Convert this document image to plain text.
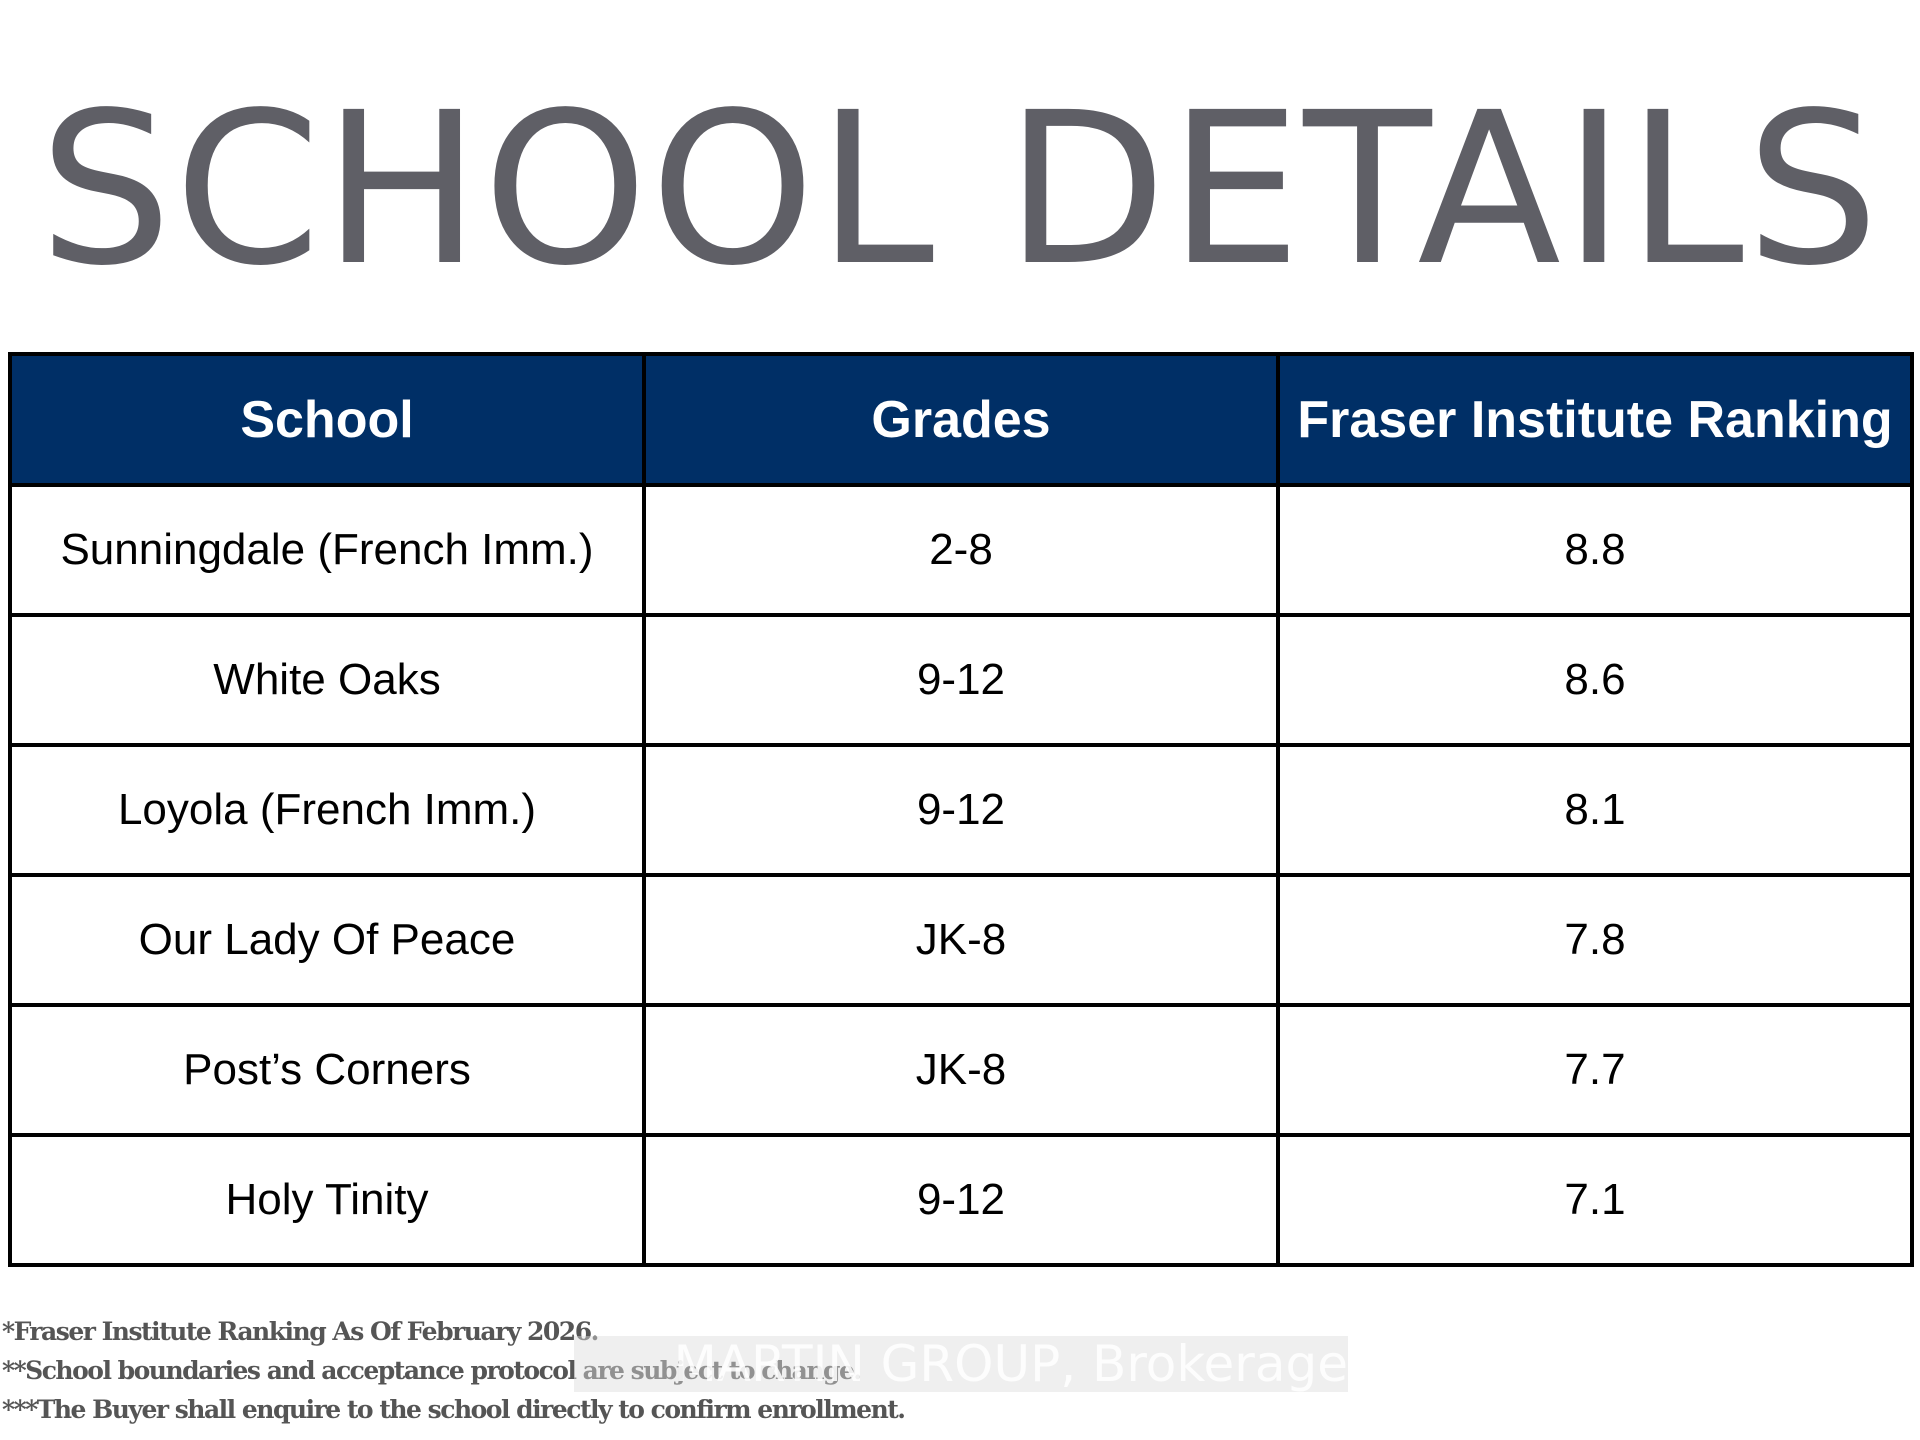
SCHOOL DETAILS
School	Grades	Fraser Institute Ranking
Sunningdale (French Imm.)	2-8	8.8
White Oaks	9-12	8.6
Loyola (French Imm.)	9-12	8.1
Our Lady Of Peace	JK-8	7.8
Post’s Corners	JK-8	7.7
Holy Tinity	9-12	7.1
*Fraser Institute Ranking As Of February 2026.
**School boundaries and acceptance protocol are subject to change.
***The Buyer shall enquire to the school directly to confirm enrollment.
MARTIN GROUP, Brokerage
